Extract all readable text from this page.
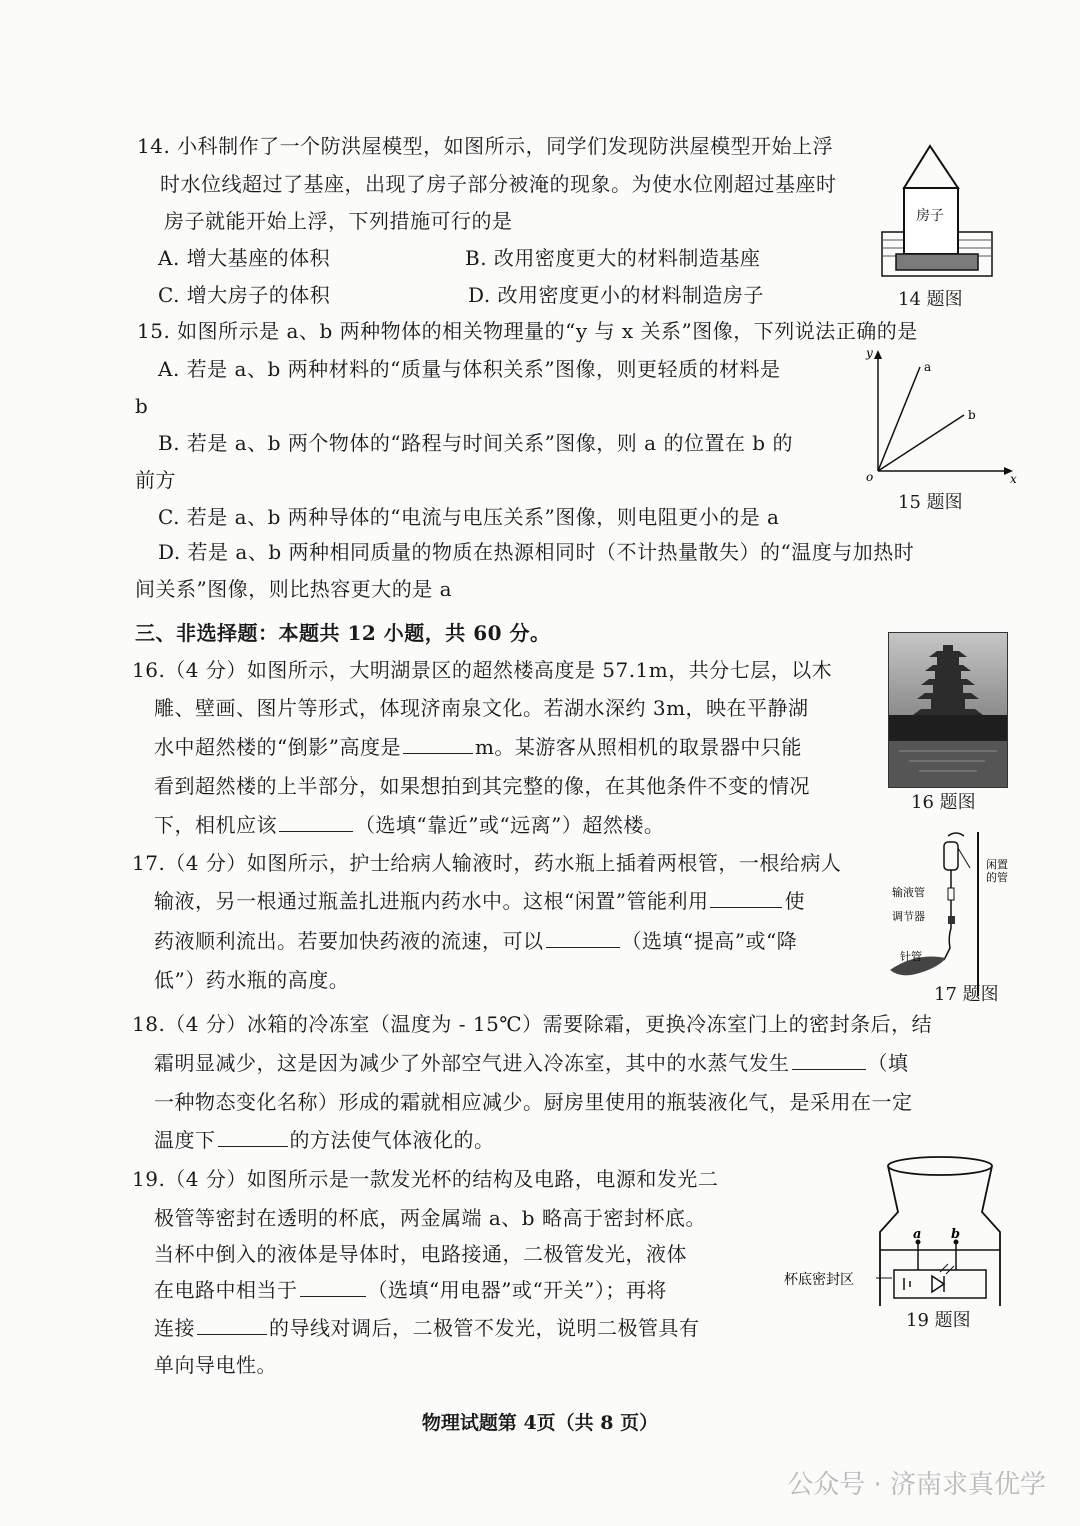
14. 小科制作了一个防洪屋模型，如图所示，同学们发现防洪屋模型开始上浮
时水位线超过了基座，出现了房子部分被淹的现象。为使水位刚超过基座时
房子就能开始上浮，下列措施可行的是
A. 增大基座的体积	B. 改用密度更大的材料制造基座
C. 增大房子的体积	D. 改用密度更小的材料制造房子
房子
14 题图
15. 如图所示是 a、b 两种物体的相关物理量的“y 与 x 关系”图像，下列说法正确的是
A. 若是 a、b 两种材料的“质量与体积关系”图像，则更轻质的材料是
b
B. 若是 a、b 两个物体的“路程与时间关系”图像，则 a 的位置在 b 的
前方
C. 若是 a、b 两种导体的“电流与电压关系”图像，则电阻更小的是 a
D. 若是 a、b 两种相同质量的物质在热源相同时（不计热量散失）的“温度与加热时
间关系”图像，则比热容更大的是 a
y
x
o
a
b
15 题图
三、非选择题：本题共 12 小题，共 60 分。
16.（4 分）如图所示，大明湖景区的超然楼高度是 57.1m，共分七层，以木
雕、壁画、图片等形式，体现济南泉文化。若湖水深约 3m，映在平静湖
水中超然楼的“倒影”高度是	m。某游客从照相机的取景器中只能
看到超然楼的上半部分，如果想拍到其完整的像，在其他条件不变的情况
下，相机应该	（选填“靠近”或“远离”）超然楼。
16 题图
17.（4 分）如图所示，护士给病人输液时，药水瓶上插着两根管，一根给病人
输液，另一根通过瓶盖扎进瓶内药水中。这根“闲置”管能利用	使
药液顺利流出。若要加快药液的流速，可以	（选填“提高”或“降
低”）药水瓶的高度。
闲置的管
输液管
调节器
针管
17 题图
18.（4 分）冰箱的冷冻室（温度为 - 15℃）需要除霜，更换冷冻室门上的密封条后，结
霜明显减少，这是因为减少了外部空气进入冷冻室，其中的水蒸气发生	（填
一种物态变化名称）形成的霜就相应减少。厨房里使用的瓶装液化气，是采用在一定
温度下	的方法使气体液化的。
19.（4 分）如图所示是一款发光杯的结构及电路，电源和发光二
极管等密封在透明的杯底，两金属端 a、b 略高于密封杯底。
当杯中倒入的液体是导体时，电路接通，二极管发光，液体
在电路中相当于	（选填“用电器”或“开关”）；再将
连接	的导线对调后，二极管不发光，说明二极管具有
单向导电性。
a b
杯底密封区
19 题图
物理试题第 4页（共 8 页）
公众号 · 济南求真优学
